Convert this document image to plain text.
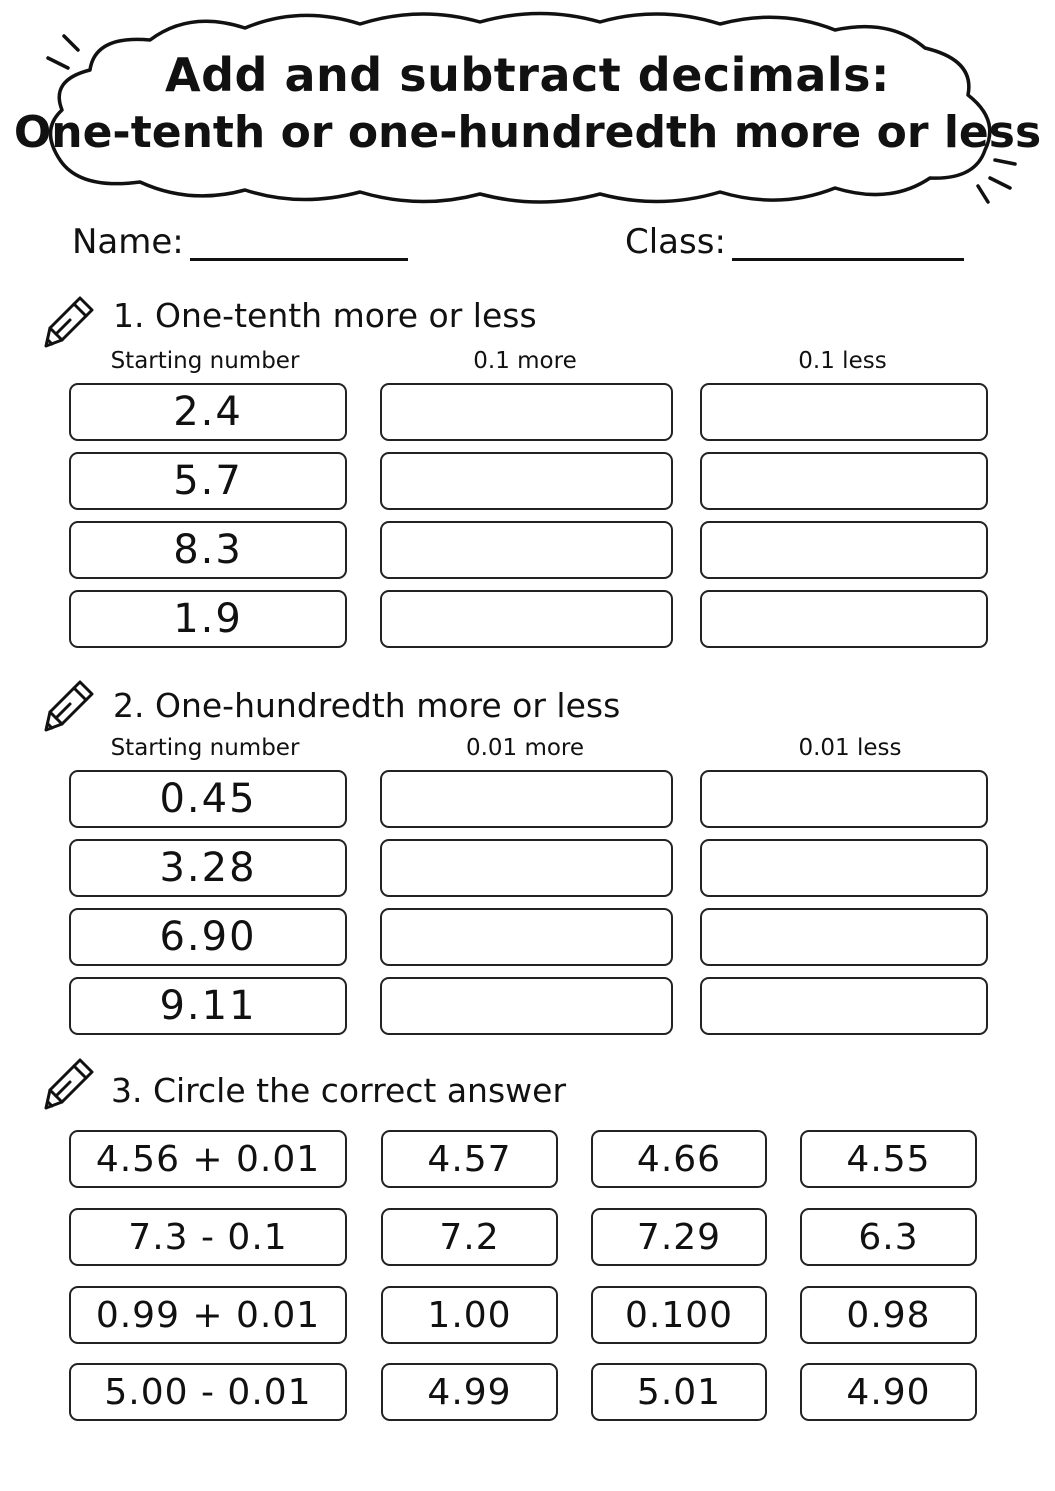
Add and subtract decimals:
One-tenth or one-hundredth more or less
Name:	Class:
1. One-tenth more or less
Starting number	0.1 more	0.1 less
2.4
5.7
8.3
1.9
2. One-hundredth more or less
Starting number	0.01 more	0.01 less
0.45
3.28
6.90
9.11
3. Circle the correct answer
4.56 + 0.01	4.57	4.66	4.55
7.3 - 0.1	7.2	7.29	6.3
0.99 + 0.01	1.00	0.100	0.98
5.00 - 0.01	4.99	5.01	4.90
